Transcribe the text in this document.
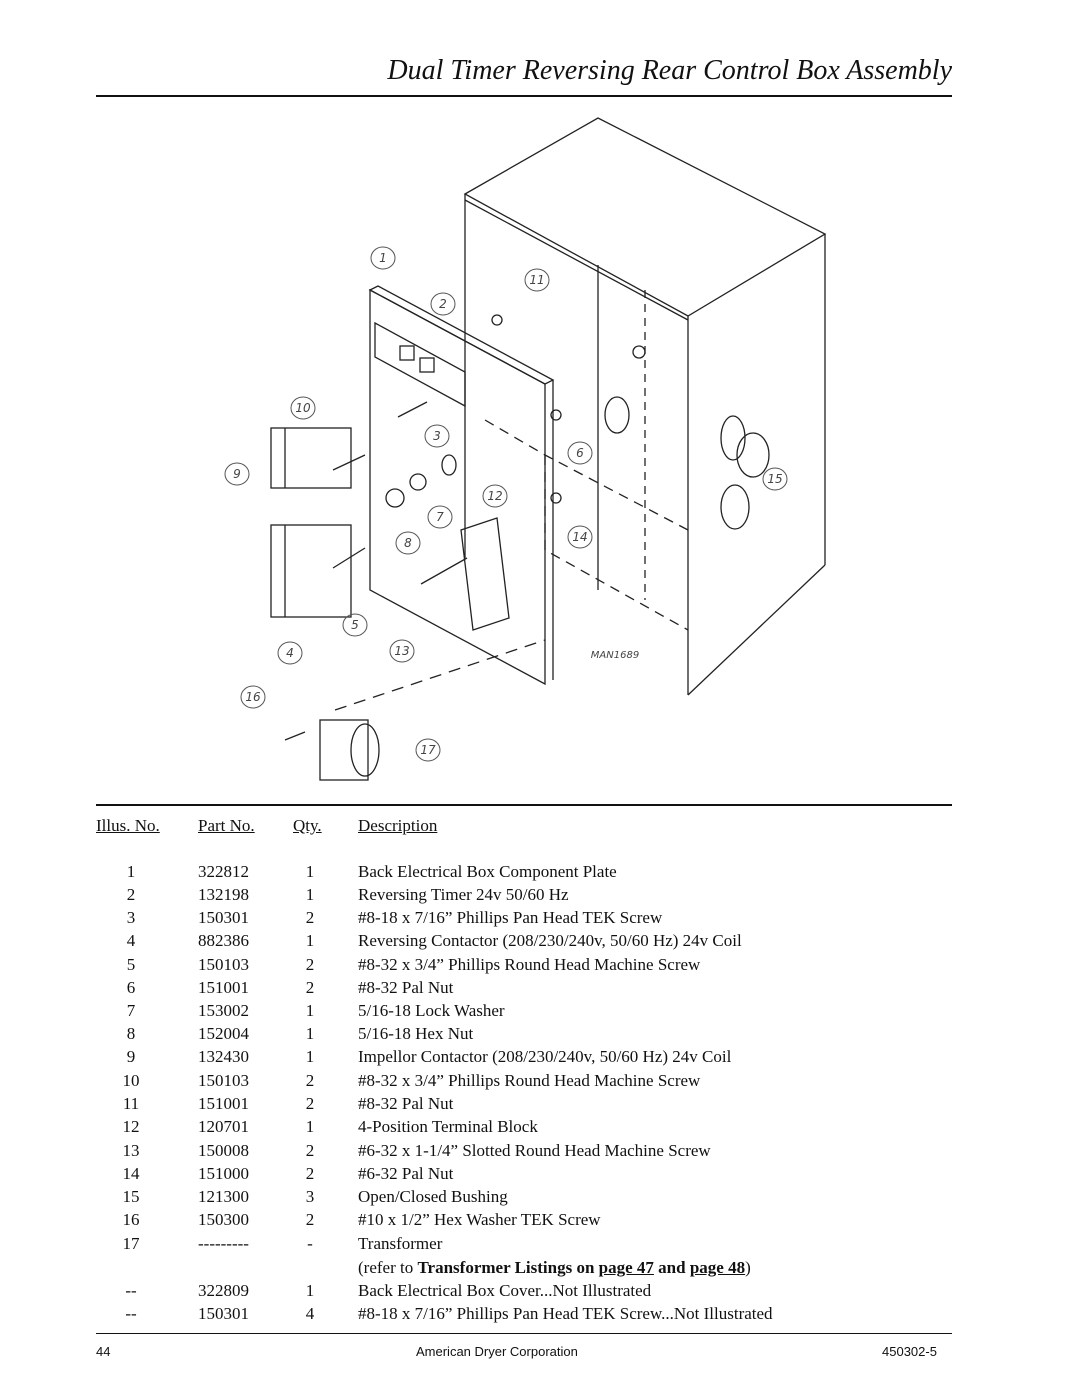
Dual Timer Reversing Rear Control Box Assembly
1
2
3
4
5
6
7
8
9
10
11
12
13
14
15
16
17
MAN1689
Illus. No. Part No. Qty. Description
1	322812	1	Back Electrical Box Component Plate
2	132198	1	Reversing Timer 24v 50/60 Hz
3	150301	2	#8-18 x 7/16” Phillips Pan Head TEK Screw
4	882386	1	Reversing Contactor (208/230/240v, 50/60 Hz) 24v Coil
5	150103	2	#8-32 x 3/4” Phillips Round Head Machine Screw
6	151001	2	#8-32 Pal Nut
7	153002	1	5/16-18 Lock Washer
8	152004	1	5/16-18 Hex Nut
9	132430	1	Impellor Contactor (208/230/240v, 50/60 Hz) 24v Coil
10	150103	2	#8-32 x 3/4” Phillips Round Head Machine Screw
11	151001	2	#8-32 Pal Nut
12	120701	1	4-Position Terminal Block
13	150008	2	#6-32 x 1-1/4” Slotted Round Head Machine Screw
14	151000	2	#6-32 Pal Nut
15	121300	3	Open/Closed Bushing
16	150300	2	#10 x 1/2” Hex Washer TEK Screw
17	---------	-	Transformer
(refer to Transformer Listings on page 47 and page 48)
--	322809	1	Back Electrical Box Cover...Not Illustrated
--	150301	4	#8-18 x 7/16” Phillips Pan Head TEK Screw...Not Illustrated
44	American Dryer Corporation	450302-5
